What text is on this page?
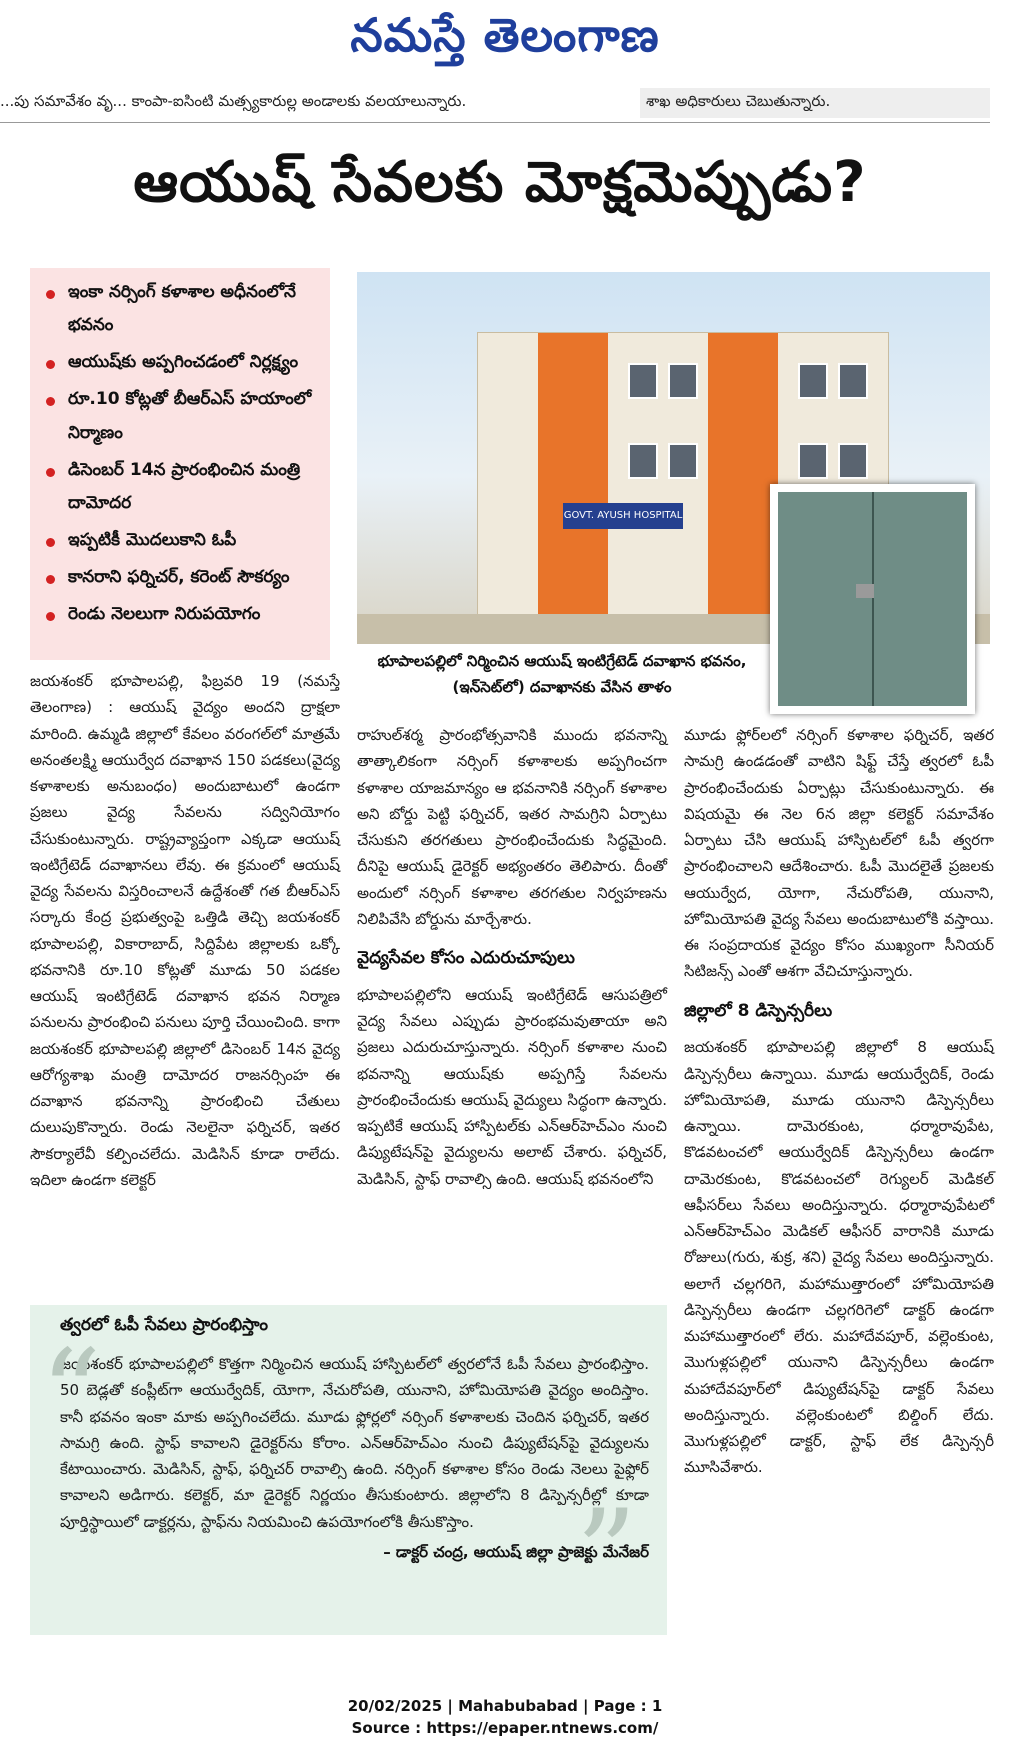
నమస్తే తెలంగాణ
...పు సమావేశం వృ... కాంపా-ఐసింటి మత్స్యకారుల్ల అండాలకు వలయాలున్నారు.	శాఖ అధికారులు చెబుతున్నారు.
ఆయుష్ సేవలకు మోక్షమెప్పుడు?
ఇంకా నర్సింగ్ కళాశాల అధీనంలోనే భవనం
ఆయుష్‌కు అప్పగించడంలో నిర్లక్ష్యం
రూ.10 కోట్లతో బీఆర్ఎస్ హయాంలో నిర్మాణం
డిసెంబర్ 14న ప్రారంభించిన మంత్రి దామోదర
ఇప్పటికీ మొదలుకాని ఓపీ
కానరాని ఫర్నిచర్, కరెంట్ సౌకర్యం
రెండు నెలలుగా నిరుపయోగం
GOVT. AYUSH HOSPITAL
భూపాలపల్లిలో నిర్మించిన ఆయుష్ ఇంటిగ్రేటెడ్ దవాఖాన భవనం,(ఇన్‌సెట్‌లో) దవాఖానకు వేసిన తాళం

జయశంకర్ భూపాలపల్లి, ఫిబ్రవరి 19 (నమస్తే తెలంగాణ) : ఆయుష్ వైద్యం అందని ద్రాక్షలా మారింది. ఉమ్మడి జిల్లాలో కేవలం వరంగల్‌లో మాత్రమే అనంతలక్ష్మి ఆయుర్వేద దవాఖాన 150 పడకలు(వైద్య కళాశాలకు అనుబంధం) అందుబాటులో ఉండగా ప్రజలు వైద్య సేవలను సద్వినియోగం చేసుకుంటున్నారు. రాష్ట్రవ్యాప్తంగా ఎక్కడా ఆయుష్ ఇంటిగ్రేటెడ్ దవాఖానలు లేవు. ఈ క్రమంలో ఆయుష్ వైద్య సేవలను విస్తరించాలనే ఉద్దేశంతో గత బీఆర్ఎస్ సర్కారు కేంద్ర ప్రభుత్వంపై ఒత్తిడి తెచ్చి జయశంకర్ భూపాలపల్లి, వికారాబాద్, సిద్దిపేట జిల్లాలకు ఒక్కో భవనానికి రూ.10 కోట్లతో మూడు 50 పడకల ఆయుష్ ఇంటిగ్రేటెడ్ దవాఖాన భవన నిర్మాణ పనులను ప్రారంభించి పనులు పూర్తి చేయించింది. కాగా జయశంకర్ భూపాలపల్లి జిల్లాలో డిసెంబర్ 14న వైద్య ఆరోగ్యశాఖ మంత్రి దామోదర రాజనర్సింహ ఈ దవాఖాన భవనాన్ని ప్రారంభించి చేతులు దులుపుకొన్నారు. రెండు నెలలైనా ఫర్నిచర్, ఇతర సౌకర్యాలేవీ కల్పించలేదు. మెడిసిన్ కూడా రాలేదు. ఇదిలా ఉండగా కలెక్టర్

రాహుల్‌శర్మ ప్రారంభోత్సవానికి ముందు భవనాన్ని తాత్కాలికంగా నర్సింగ్ కళాశాలకు అప్పగించగా కళాశాల యాజమాన్యం ఆ భవనానికి నర్సింగ్ కళాశాల అని బోర్డు పెట్టి ఫర్నిచర్, ఇతర సామగ్రిని ఏర్పాటు చేసుకుని తరగతులు ప్రారంభించేందుకు సిద్ధమైంది. దీనిపై ఆయుష్ డైరెక్టర్ అభ్యంతరం తెలిపారు. దీంతో అందులో నర్సింగ్ కళాశాల తరగతుల నిర్వహణను నిలిపివేసి బోర్డును మార్చేశారు.

వైద్యసేవల కోసం ఎదురుచూపులు

భూపాలపల్లిలోని ఆయుష్ ఇంటిగ్రేటెడ్ ఆసుపత్రిలో వైద్య సేవలు ఎప్పుడు ప్రారంభమవుతాయా అని ప్రజలు ఎదురుచూస్తున్నారు. నర్సింగ్ కళాశాల నుంచి భవనాన్ని ఆయుష్‌కు అప్పగిస్తే సేవలను ప్రారంభించేందుకు ఆయుష్ వైద్యులు సిద్ధంగా ఉన్నారు. ఇప్పటికే ఆయుష్ హాస్పిటల్‌కు ఎన్ఆర్‌హెచ్ఎం నుంచి డిప్యుటేషన్‌పై వైద్యులను అలాట్ చేశారు. ఫర్నిచర్, మెడిసిన్, స్టాఫ్ రావాల్సి ఉంది. ఆయుష్ భవనంలోని

మూడు ఫ్లోర్‌లలో నర్సింగ్ కళాశాల ఫర్నిచర్, ఇతర సామగ్రి ఉండడంతో వాటిని షిఫ్ట్ చేస్తే త్వరలో ఓపీ ప్రారంభించేందుకు ఏర్పాట్లు చేసుకుంటున్నారు. ఈ విషయమై ఈ నెల 6న జిల్లా కలెక్టర్ సమావేశం ఏర్పాటు చేసి ఆయుష్ హాస్పిటల్‌లో ఓపీ త్వరగా ప్రారంభించాలని ఆదేశించారు. ఓపీ మొదలైతే ప్రజలకు ఆయుర్వేద, యోగా, నేచురోపతి, యునాని, హోమియోపతి వైద్య సేవలు అందుబాటులోకి వస్తాయి. ఈ సంప్రదాయక వైద్యం కోసం ముఖ్యంగా సీనియర్ సిటిజన్స్ ఎంతో ఆశగా వేచిచూస్తున్నారు.

జిల్లాలో 8 డిస్పెన్సరీలు

జయశంకర్ భూపాలపల్లి జిల్లాలో 8 ఆయుష్ డిస్పెన్సరీలు ఉన్నాయి. మూడు ఆయుర్వేదిక్, రెండు హోమియోపతి, మూడు యునాని డిస్పెన్సరీలు ఉన్నాయి. దామెరకుంట, ధర్మారావుపేట, కొడవటంచలో ఆయుర్వేదిక్ డిస్పెన్సరీలు ఉండగా దామెరకుంట, కొడవటంచలో రెగ్యులర్ మెడికల్ ఆఫీసర్‌లు సేవలు అందిస్తున్నారు. ధర్మారావుపేటలో ఎన్ఆర్‌హెచ్ఎం మెడికల్ ఆఫీసర్ వారానికి మూడు రోజులు(గురు, శుక్ర, శని) వైద్య సేవలు అందిస్తున్నారు. అలాగే చల్లగరిగె, మహాముత్తారంలో హోమియోపతి డిస్పెన్సరీలు ఉండగా చల్లగరిగెలో డాక్టర్ ఉండగా మహాముత్తారంలో లేరు. మహాదేవపూర్, వల్లెంకుంట, మొగుళ్లపల్లిలో యునాని డిస్పెన్సరీలు ఉండగా మహాదేవపూర్‌లో డిప్యుటేషన్‌పై డాక్టర్ సేవలు అందిస్తున్నారు. వల్లెంకుంటలో బిల్డింగ్ లేదు. మొగుళ్లపల్లిలో డాక్టర్, స్టాఫ్ లేక డిస్పెన్సరీ మూసివేశారు.

“
”
త్వరలో ఓపీ సేవలు ప్రారంభిస్తాం
జయశంకర్ భూపాలపల్లిలో కొత్తగా నిర్మించిన ఆయుష్ హాస్పిటల్‌లో త్వరలోనే ఓపీ సేవలు ప్రారంభిస్తాం. 50 బెడ్లతో కంప్లీట్‌గా ఆయుర్వేదిక్, యోగా, నేచురోపతి, యునాని, హోమియోపతి వైద్యం అందిస్తాం. కానీ భవనం ఇంకా మాకు అప్పగించలేదు. మూడు ఫ్లోర్లలో నర్సింగ్ కళాశాలకు చెందిన ఫర్నిచర్, ఇతర సామగ్రి ఉంది. స్టాఫ్ కావాలని డైరెక్టర్‌ను కోరాం. ఎన్ఆర్‌హెచ్ఎం నుంచి డిప్యుటేషన్‌పై వైద్యులను కేటాయించారు. మెడిసిన్, స్టాఫ్, ఫర్నిచర్ రావాల్సి ఉంది. నర్సింగ్ కళాశాల కోసం రెండు నెలలు పైఫ్లోర్ కావాలని అడిగారు. కలెక్టర్, మా డైరెక్టర్ నిర్ణయం తీసుకుంటారు. జిల్లాలోని 8 డిస్పెన్సరీల్లో కూడా పూర్తిస్థాయిలో డాక్టర్లను, స్టాఫ్‌ను నియమించి ఉపయోగంలోకి తీసుకొస్తాం.
– డాక్టర్ చంద్ర, ఆయుష్ జిల్లా ప్రాజెక్టు మేనేజర్
20/02/2025 | Mahabubabad | Page : 1
Source : https://epaper.ntnews.com/
